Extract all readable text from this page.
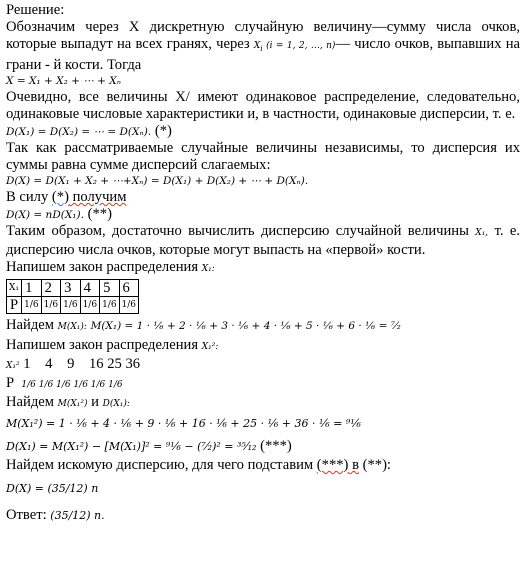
Решение:

Обозначим через X дискретную случайную величину—сумму числа очков, которые выпадут на всех гранях, через $X_i$ (i = 1, 2, …, n)— число очков, выпавших на грани - й кости. Тогда

X = X₁ + X₂ + ⋯ + Xₙ

Очевидно, все величины X/ имеют одинаковое распределение, следовательно, одинаковые числовые характеристики и, в частности, одинаковые дисперсии, т. е.

D(X₁) = D(X₂) = ⋯ = D(Xₙ). (*)

Так как рассматриваемые случайные величины независимы, то дисперсия их суммы равна сумме дисперсий слагаемых:

D(X) = D(X₁ + X₂ + ⋯+Xₙ) = D(X₁) + D(X₂) + ⋯ + D(Xₙ).

В силу (*) получим

D(X) = nD(X₁). (**)

Таким образом, достаточно вычислить дисперсию случайной величины X₁, т. е. дисперсию числа очков, которые могут выпасть на «первой» кости.

Напишем закон распределения X₁:

X₁	1	2	3	4	5	6
P	1/6	1/6	1/6	1/6	1/6	1/6

Найдем M(X₁): M(X₁) = 1 · ¹⁄₆ + 2 · ¹⁄₆ + 3 · ¹⁄₆ + 4 · ¹⁄₆ + 5 · ¹⁄₆ + 6 · ¹⁄₆ = ⁷⁄₂

Напишем закон распределения X₁²:

X₁² 1 4 9 16 25 36

P 1/6 1/6 1/6 1/6 1/6 1/6

Найдем M(X₁²) и D(X₁):

M(X₁²) = 1 · ¹⁄₆ + 4 · ¹⁄₆ + 9 · ¹⁄₆ + 16 · ¹⁄₆ + 25 · ¹⁄₆ + 36 · ¹⁄₆ = ⁹¹⁄₆

D(X₁) = M(X₁²) − [M(X₁)]² = ⁹¹⁄₆ − (⁷⁄₂)² = ³⁵⁄₁₂ (***)

Найдем искомую дисперсию, для чего подставим (***) в (**):

D(X) = (35/12) n

Ответ: (35/12) n.
